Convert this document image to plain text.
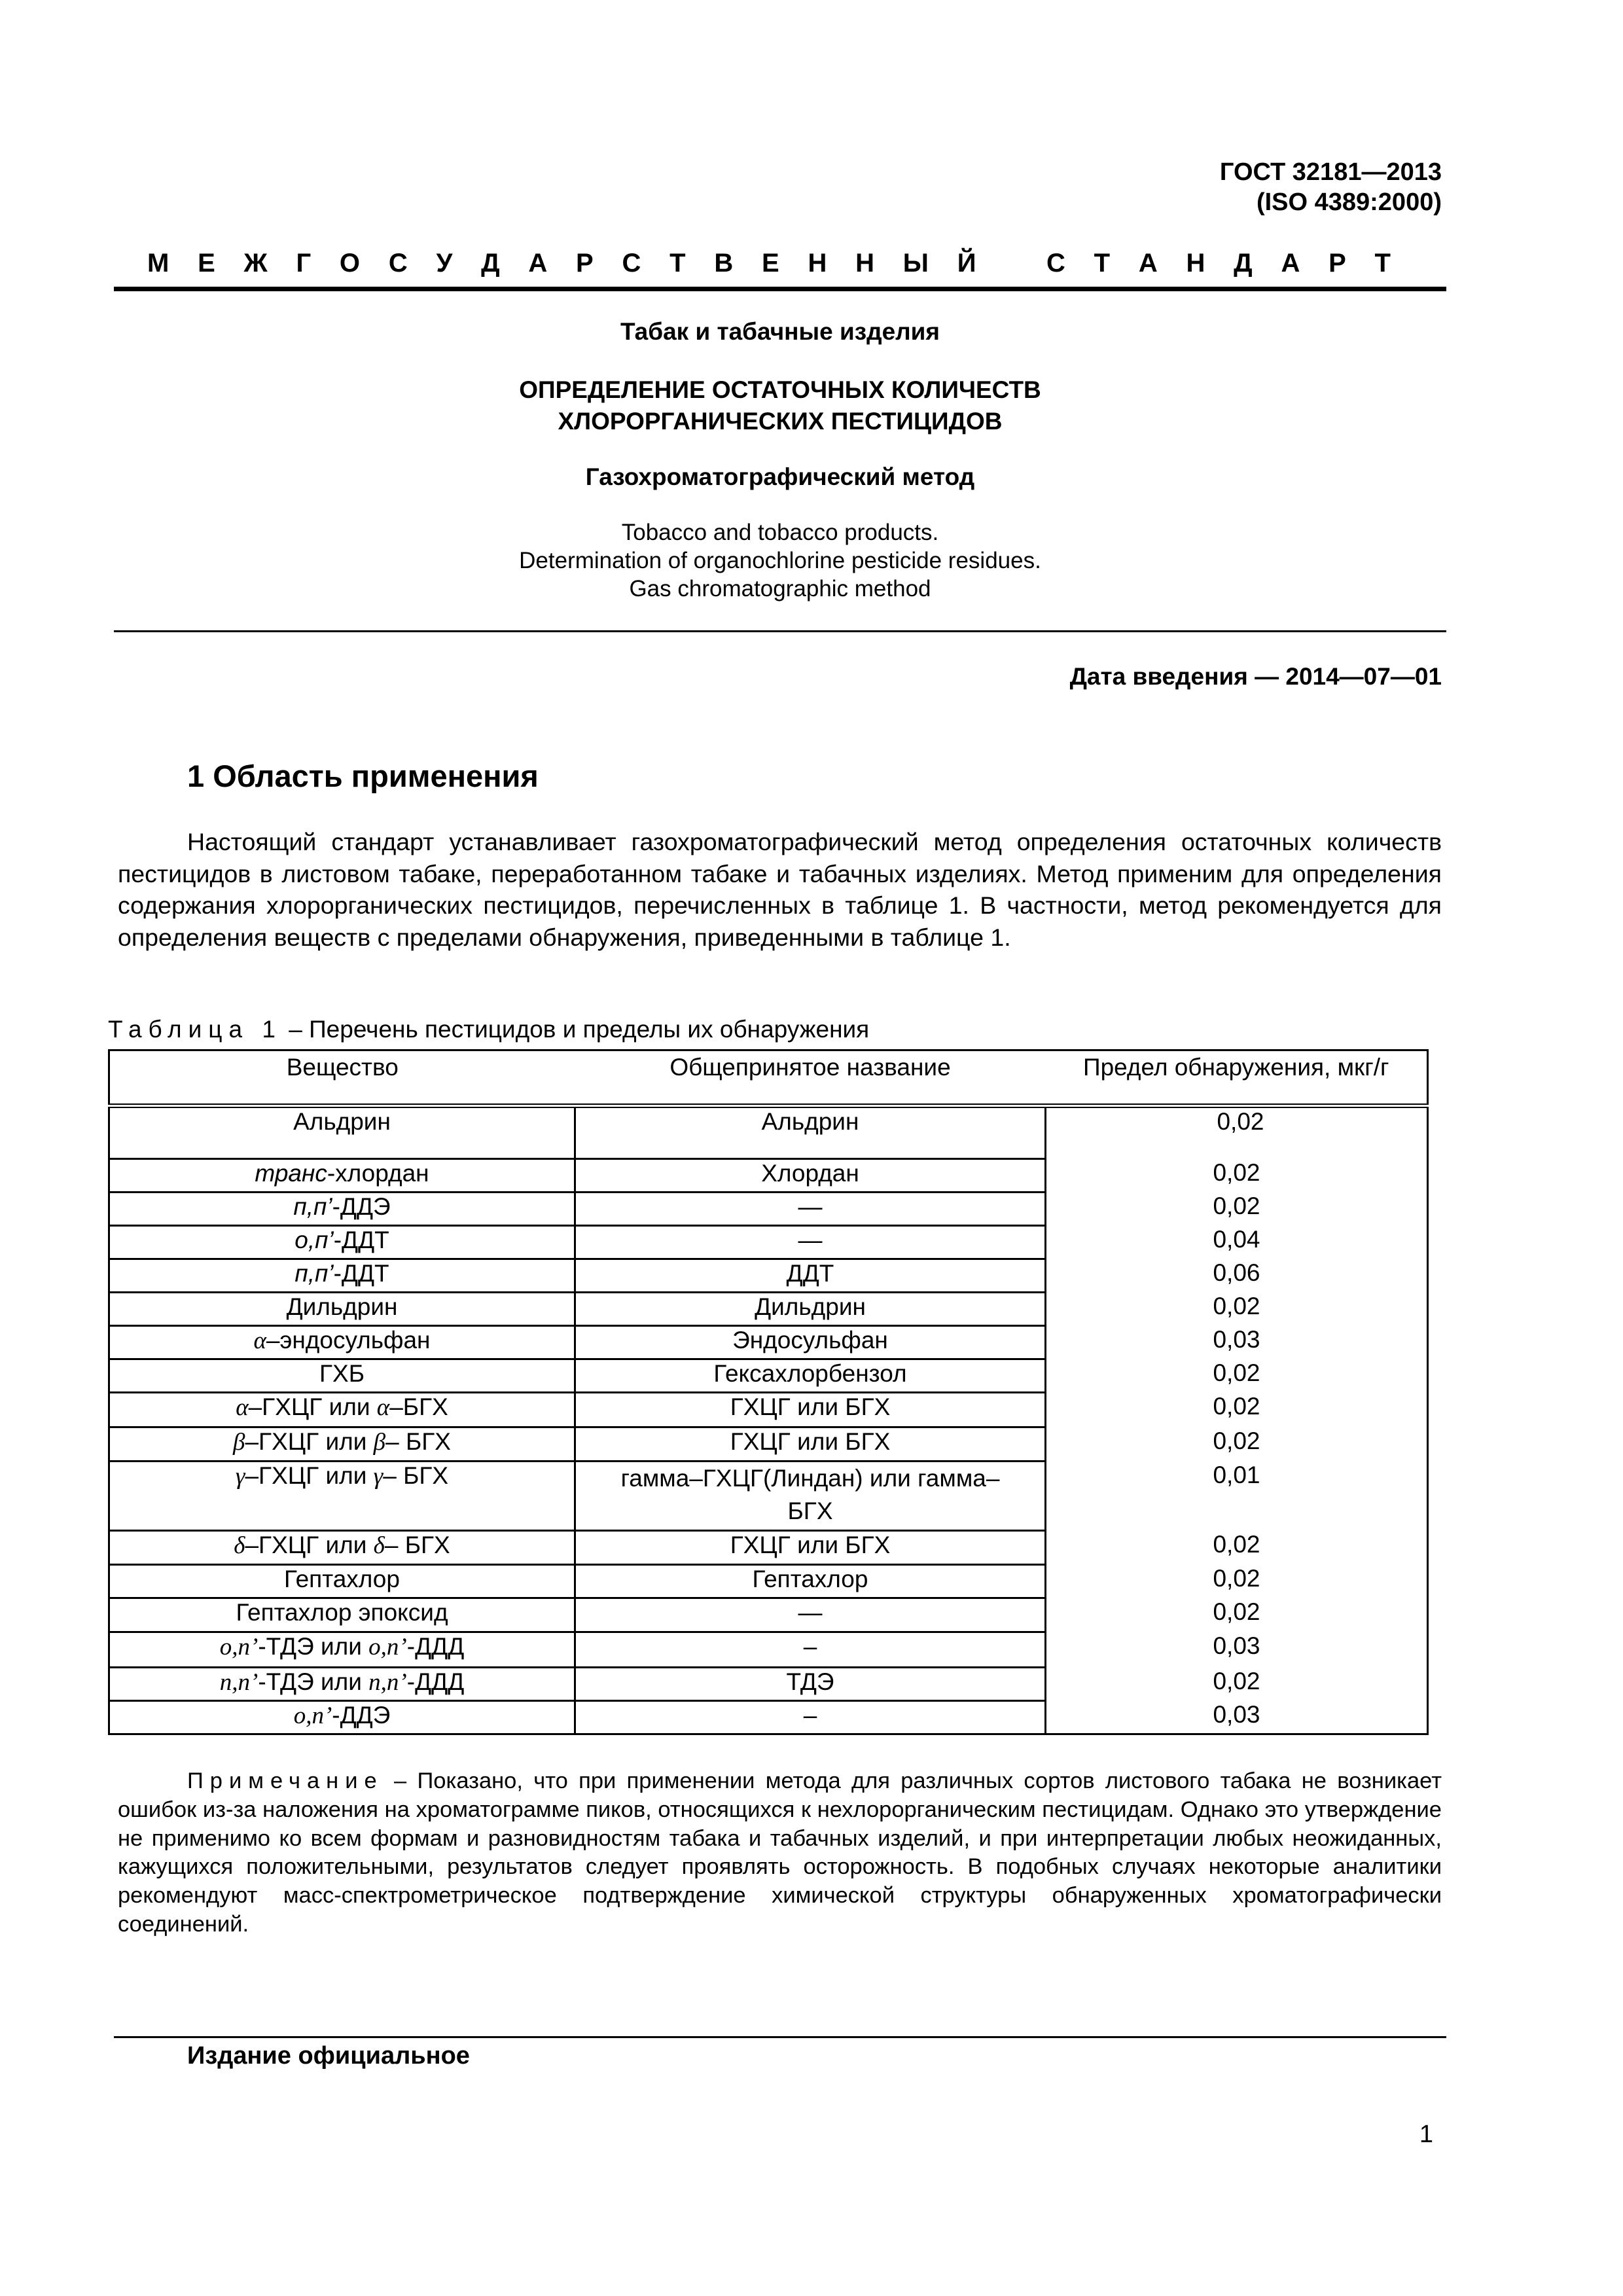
ГОСТ 32181—2013
(ISO 4389:2000)
М Е Ж Г О С У Д А Р С Т В Е Н Н Ы Й	С Т А Н Д А Р Т
Табак и табачные изделия
ОПРЕДЕЛЕНИЕ ОСТАТОЧНЫХ КОЛИЧЕСТВ
ХЛОРОРГАНИЧЕСКИХ ПЕСТИЦИДОВ
Газохроматографический метод
Tobacco and tobacco products.
Determination of organochlorine pesticide residues.
Gas chromatographic method
Дата введения — 2014—07—01
1 Область применения

Настоящий стандарт устанавливает газохроматографический метод определения остаточных количеств пестицидов в листовом табаке, переработанном табаке и табачных изделиях. Метод применим для определения содержания хлорорганических пестицидов, перечисленных в таблице 1. В частности, метод рекомендуется для определения веществ с пределами обнаружения, приведенными в таблице 1.

Таблица 1 – Перечень пестицидов и пределы их обнаружения
Вещество	Общепринятое название	Предел обнаружения, мкг/г
Альдрин	Альдрин	0,02
транс-хлордан	Хлордан	0,02
п,п’-ДДЭ	—	0,02
о,п’-ДДТ	—	0,04
п,п’-ДДТ	ДДТ	0,06
Дильдрин	Дильдрин	0,02
α–эндосульфан	Эндосульфан	0,03
ГХБ	Гексахлорбензол	0,02
α–ГХЦГ или α–БГХ	ГХЦГ или БГХ	0,02
β–ГХЦГ или β– БГХ	ГХЦГ или БГХ	0,02
γ–ГХЦГ или γ– БГХ	гамма–ГХЦГ(Линдан) или гамма–БГХ	0,01
δ–ГХЦГ или δ– БГХ	ГХЦГ или БГХ	0,02
Гептахлор	Гептахлор	0,02
Гептахлор эпоксид	—	0,02
о,п’-ТДЭ или о,п’-ДДД	–	0,03
п,п’-ТДЭ или п,п’-ДДД	ТДЭ	0,02
о,п’-ДДЭ	–	0,03

Примечание – Показано, что при применении метода для различных сортов листового табака не возникает ошибок из-за наложения на хроматограмме пиков, относящихся к нехлорорганическим пестицидам. Однако это утверждение не применимо ко всем формам и разновидностям табака и табачных изделий, и при интерпретации любых неожиданных, кажущихся положительными, результатов следует проявлять осторожность. В подобных случаях некоторые аналитики рекомендуют масс-спектрометрическое подтверждение химической структуры обнаруженных хроматографически соединений.

Издание официальное
1
